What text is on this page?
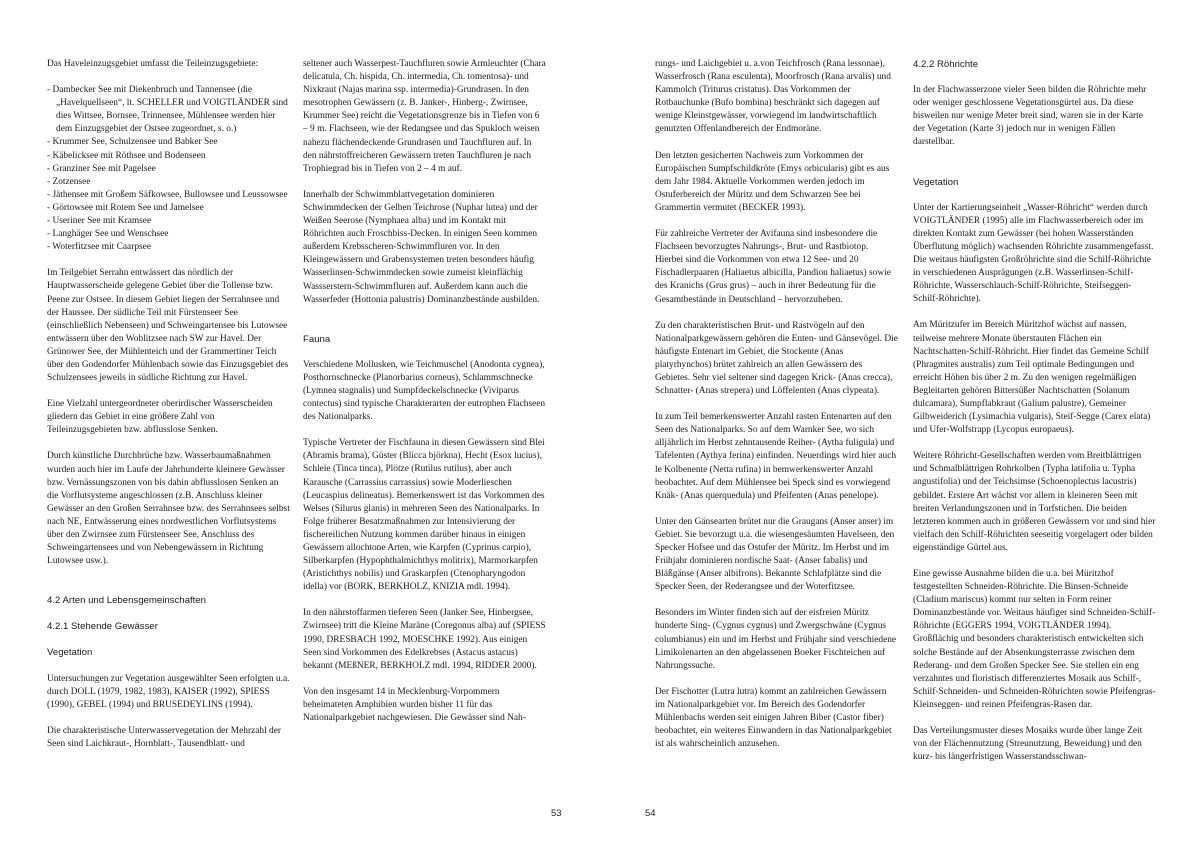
Das Haveleinzugsgebiet umfasst die Teileinzugsgebiete:

- Dambecker See mit Diekenbruch und Tannensee (die „Havelquellseen“, lt. SCHELLER und VOIGTLÄNDER sind dies Wittsee, Bornsee, Trinnensee, Mühlensee werden hier dem Einzugsgebiet der Ostsee zugeordnet, s. o.)
- Krummer See, Schulzensee und Babker See
- Käbelicksee mit Röthsee und Bodenseen
- Granziner See mit Pagelsee
- Zotzensee
- Jäthensee mit Großem Säfkowsee, Bullowsee und Leussowsee
- Görtowsee mit Rotem See und Jamelsee
- Useriner See mit Kramsee
- Langhäger See und Wenschsee
- Woterfitzsee mit Caarpsee

Im Teilgebiet Serrahn entwässert das nördlich der Hauptwasserscheide gelegene Gebiet über die Tollense bzw. Peene zur Ostsee. In diesem Gebiet liegen der Serrahnsee und der Haussee. Der südliche Teil mit Fürstenseer See (einschließlich Nebenseen) und Schweingartensee bis Lutowsee entwässern über den Woblitzsee nach SW zur Havel. Der Grünower See, der Mühlenteich und der Grammertiner Teich über den Godendorfer Mühlenbach sowie das Einzugsgebiet des Schulzensees jeweils in südliche Richtung zur Havel.

Eine Vielzahl untergeordneter oberirdischer Wasserscheiden gliedern das Gebiet in eine größere Zahl von Teileinzugsgebieten bzw. abflusslose Senken.

Durch künstliche Durchbrüche bzw. Wasserbaumaßnahmen wurden auch hier im Laufe der Jahrhunderte kleinere Gewässer bzw. Vernässungszonen von bis dahin abflusslosen Senken an die Vorflutsysteme angeschlossen (z.B. Anschluss kleiner Gewässer an den Großen Serrahnsee bzw. des Serrahnsees selbst nach NE, Entwässerung eines nordwestlichen Vorflutsystems über den Zwirnsee zum Fürstenseer See, Anschluss des Schweingartensees und von Nebengewässern in Richtung Lutowsee usw.).

4.2 Arten und Lebensgemeinschaften
4.2.1 Stehende Gewässer
Vegetation

Untersuchungen zur Vegetation ausgewählter Seen erfolgten u.a. durch DOLL (1979, 1982, 1983), KAISER (1992), SPIESS (1990), GEBEL (1994) und BRUSEDEYLINS (1994).

Die charakteristische Unterwasservegetation der Mehrzahl der Seen sind Laichkraut-, Hornblatt-, Tausendblatt- und

seltener auch Wasserpest-Tauchfluren sowie Armleuchter (Chara delicatula, Ch. hispida, Ch. intermedia, Ch. tomentosa)- und Nixkraut (Najas marina ssp. intermedia)-Grundrasen. In den mesotrophen Gewässern (z. B. Janker-, Hinberg-, Zwirnsee, Krummer See) reicht die Vegetationsgrenze bis in Tiefen von 6 – 9 m. Flachseen, wie der Redangsee und das Spukloch weisen nahezu flächendeckende Grundrasen und Tauchfluren auf. In den nährstoffreicheren Gewässern treten Tauchfluren je nach Trophiegrad bis in Tiefen von 2 – 4 m auf.

Innerhalb der Schwimmblattvegetation dominieren Schwimmdecken der Gelben Teichrose (Nuphar lutea) und der Weißen Seerose (Nymphaea alba) und im Kontakt mit Röhrichten auch Froschbiss-Decken. In einigen Seen kommen außerdem Krebsscheren-Schwimmfluren vor. In den Kleingewässern und Grabensystemen treten besonders häufig Wasserlinsen-Schwimmdecken sowie zumeist kleinflächig Wassserstern-Schwimmfluren auf. Außerdem kann auch die Wasserfeder (Hottonia palustris) Dominanzbestände ausbilden.

Fauna

Verschiedene Mollusken, wie Teichmuschel (Anodonta cygnea), Posthornschnecke (Planorbarius corneus), Schlammschnecke (Lymnea stagnalis) und Sumpfdeckelschnecke (Viviparus contectus) sind typische Charakterarten der eutrophen Flachseen des Nationalparks.

Typische Vertreter der Fischfauna in diesen Gewässern sind Blei (Abramis brama), Güster (Blicca björkna), Hecht (Esox lucius), Schleie (Tinca tinca), Plötze (Rutilus rutilus), aber auch Karausche (Carrassius carrassius) sowie Moderlieschen (Leucaspius delineatus). Bemerkenswert ist das Vorkommen des Welses (Silurus glanis) in mehreren Seen des Nationalparks. In Folge früherer Besatzmaßnahmen zur Intensivierung der fischereilichen Nutzung kommen darüber hinaus in einigen Gewässern allochtone Arten, wie Karpfen (Cyprinus carpio), Silberkarpfen (Hypophthalmichthys molitrix), Marmorkarpfen (Aristichthys nobilis) und Graskarpfen (Ctenopharyngodon idella) vor (BORK, BERKHOLZ, KNIZIA mdl. 1994).

In den nährstoffarmen tieferen Seen (Janker See, Hinbergsee, Zwirnsee) tritt die Kleine Maräne (Coregonus alba) auf (SPIESS 1990, DRESBACH 1992, MOESCHKE 1992). Aus einigen Seen sind Vorkommen des Edelkrebses (Astacus astacus) bekannt (MEßNER, BERKHOLZ mdl. 1994, RIDDER 2000).

Von den insgesamt 14 in Mecklenburg-Vorpommern beheimateten Amphibien wurden bisher 11 für das Nationalparkgebiet nachgewiesen. Die Gewässer sind Nah-

rungs- und Laichgebiet u. a.von Teichfrosch (Rana lessonae), Wasserfrosch (Rana esculenta), Moorfrosch (Rana arvalis) und Kammolch (Triturus cristatus). Das Vorkommen der Rotbauchunke (Bufo bombina) beschränkt sich dagegen auf wenige Kleinstgewässer, vorwiegend im landwirtschaftlich genutzten Offenlandbereich der Endmoräne.

Den letzten gesicherten Nachweis zum Vorkommen der Europäischen Sumpfschildkröte (Emys orbicularis) gibt es aus dem Jahr 1984. Aktuelle Vorkommen werden jedoch im Ostuferbereich der Müritz und dem Schwarzen See bei Grammertin vermutet (BECKER 1993).

Für zahlreiche Vertreter der Avifauna sind insbesondere die Flachseen bevorzugtes Nahrungs-, Brut- und Rastbiotop. Hierbei sind die Vorkommen von etwa 12 See- und 20 Fischadlerpaaren (Haliaetus albicilla, Pandion haliaetus) sowie des Kranichs (Grus grus) – auch in ihrer Bedeutung für die Gesamtbestände in Deutschland – hervorzuheben.

Zu den charakteristischen Brut- und Rastvögeln auf den Nationalparkgewässern gehören die Enten- und Gänsevögel. Die häufigste Entenart im Gebiet, die Stockente (Anas platyrhynchos) brütet zahlreich an allen Gewässern des Gebietes. Sehr viel seltener sind dagegen Krick- (Anas crecca), Schnatter- (Anas strepera) und Löffelenten (Anas clypeata).

In zum Teil bemerkenswerter Anzahl rasten Entenarten auf den Seen des Nationalparks. So auf dem Warnker See, wo sich alljährlich im Herbst zehntausende Reiher- (Aytha fuligula) und Tafelenten (Aythya ferina) einfinden. Neuerdings wird hier auch le Kolbenente (Netta rufina) in bemwerkenswerter Anzahl beobachtet. Auf dem Mühlensee bei Speck sind es vorwiegend Knäk- (Anas querquedula) und Pfeifenten (Anas penelope).

Unter den Gänsearten brütet nur die Graugans (Anser anser) im Gebiet. Sie bevorzugt u.a. die wiesengesäumten Havelseen, den Specker Hofsee und das Ostufer der Müritz. Im Herbst und im Frühjahr dominieren nordische Saat- (Anser fabalis) und Bläßgänse (Anser albifrons). Bekannte Schlafplätze sind die Specker Seen, der Rederangsee und der Woterfitzsee.

Besonders im Winter finden sich auf der eisfreien Müritz hunderte Sing- (Cygnus cygnus) und Zwergschwäne (Cygnus columbianus) ein und im Herbst und Frühjahr sind verschiedene Limikolenarten an den abgelassenen Boeker Fischteichen auf Nahrungssuche.

Der Fischotter (Lutra lutra) kommt an zahlreichen Gewässern im Nationalparkgebiet vor. Im Bereich des Godendorfer Mühlenbachs werden seit einigen Jahren Biber (Castor fiber) beobachtet, ein weiteres Einwandern in das Nationalparkgebiet ist als wahrscheinlich anzusehen.

4.2.2 Röhrichte

In der Flachwasserzone vieler Seen bilden die Röhrichte mehr oder weniger geschlossene Vegetationsgürtel aus. Da diese bisweilen nur wenige Meter breit sind, waren sie in der Karte der Vegetation (Karte 3) jedoch nur in wenigen Fällen darstellbar.

Vegetation

Unter der Kartierungseinheit „Wasser-Röhricht“ werden durch VOIGTLÄNDER (1995) alle im Flachwasserbereich oder im direkten Kontakt zum Gewässer (bei hohen Wasserständen Überflutung möglich) wachsenden Röhrichte zusammengefasst. Die weitaus häufigsten Großröhrichte sind die Schilf-Röhrichte in verschiedenen Ausprägungen (z.B. Wasserlinsen-Schilf-Röhrichte, Wasserschlauch-Schilf-Röhrichte, Steifseggen-Schilf-Röhrichte).

Am Müritzufer im Bereich Müritzhof wächst auf nassen, teilweise mehrere Monate überstauten Flächen ein Nachtschatten-Schilf-Röhricht. Hier findet das Gemeine Schilf (Phragmites australis) zum Teil optimale Bedingungen und erreicht Höhen bis über 2 m. Zu den wenigen regelmäßigen Begleitarten gehören Bittersüßer Nachtschatten (Solanum dulcamara), Sumpflabkraut (Galium palustre), Gemeiner Gilbweiderich (Lysimachia vulgaris), Steif-Segge (Carex elata) und Ufer-Wolfstrapp (Lycopus europaeus).

Weitere Röhricht-Gesellschaften werden vom Breitblättrigen und Schmalblättrigen Rohrkolben (Typha latifolia u. Typha angustifolia) und der Teichsimse (Schoenoplectus lacustris) gebildet. Erstere Art wächst vor allem in kleineren Seen mit breiten Verlandungszonen und in Torfstichen. Die beiden letzteren kommen auch in größeren Gewässern vor und sind hier vielfach den Schilf-Röhrichten seeseitig vorgelagert oder bilden eigenständige Gürtel aus.

Eine gewisse Ausnahme bilden die u.a. bei Müritzhof festgestellten Schneiden-Röhrichte. Die Binsen-Schneide (Cladium mariscus) kommt nur selten in Form reiner Dominanzbestände vor. Weitaus häufiger sind Schneiden-Schilf-Röhrichte (EGGERS 1994, VOIGTLÄNDER 1994). Großflächig und besonders charakteristisch entwickelten sich solche Bestände auf der Absenkungsterrasse zwischen dem Rederang- und dem Großen Specker See. Sie stellen ein eng verzahntes und floristisch differenziertes Mosaik aus Schilf-, Schilf-Schneiden- und Schneiden-Röhrichten sowie Pfeifengras-Kleinseggen- und reinen Pfeifengras-Rasen dar.

Das Verteilungsmuster dieses Mosaiks wurde über lange Zeit von der Flächennutzung (Streunutzung, Beweidung) und den kurz- bis längerfristigen Wasserstandsschwan-

53	54
